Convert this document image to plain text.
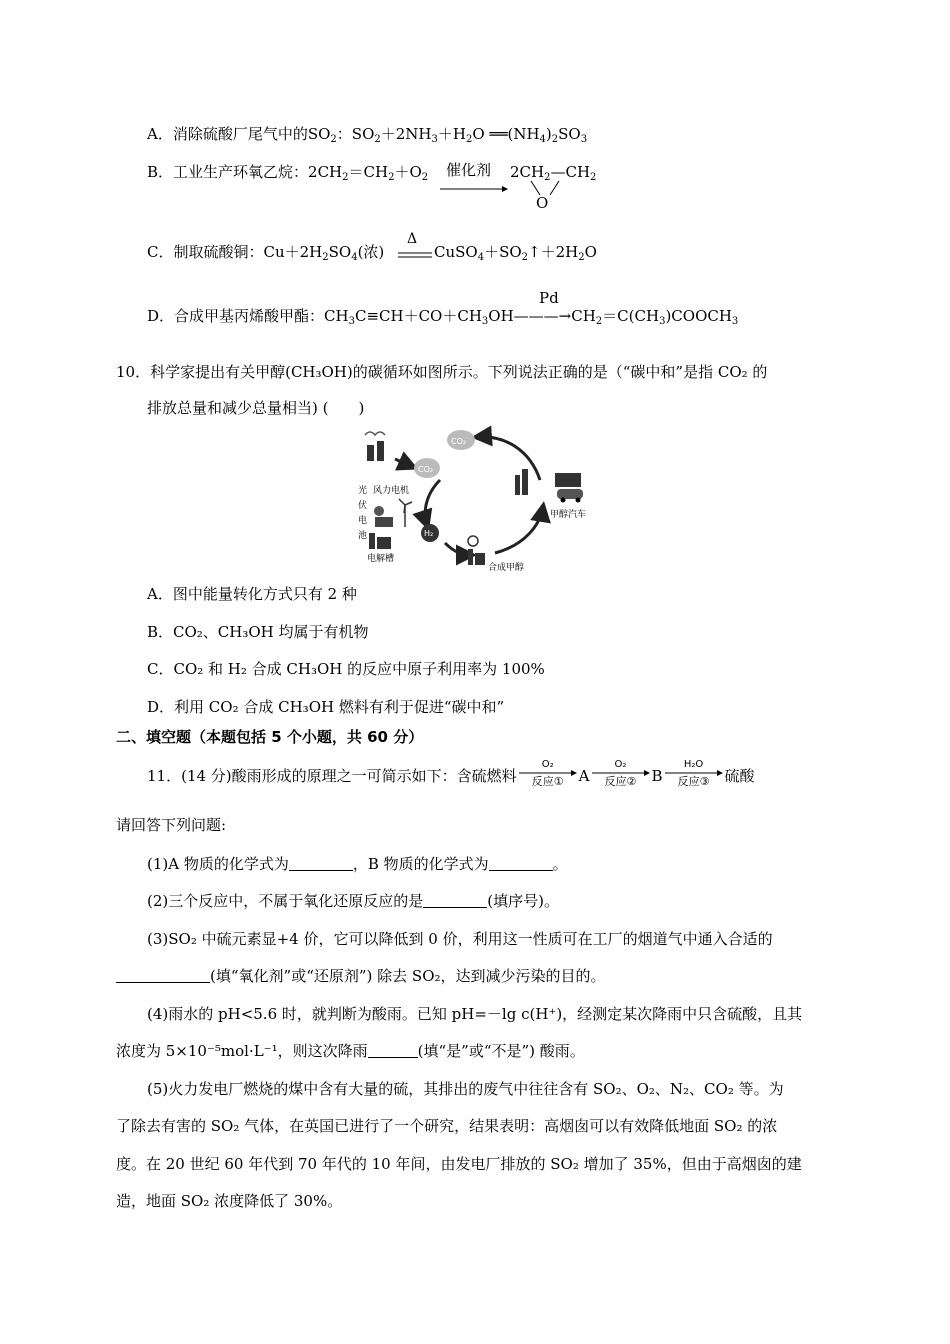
A．消除硫酸厂尾气中的$SO_2$：$SO_2+2NH_3+H_2O$ $══(NH_4)_2SO_3$
B．工业生产环氧乙烷：$2CH_2=CH_2+O_2$ 催化剂 $2CH_2—CH_2$
O
C．制取硫酸铜：$Cu+2H_2SO_4$(浓)
Δ
$CuSO_4+SO_2↑+2H_2O$
Pd
D．合成甲基丙烯酸甲酯：$CH_3C\equiv CH+CO+CH_3OH———\to CH_2=C(CH_3)COOCH_3$
10．科学家提出有关甲醇(CH₃OH)的碳循环如图所示。下列说法正确的是（“碳中和”是指 CO₂ 的
排放总量和减少总量相当) (　　)
CO₂
CO₂
甲醇汽车
风力电机
光
伏
电
池
电解槽
H₂
合成甲醇
A．图中能量转化方式只有 2 种
B．CO₂、CH₃OH 均属于有机物
C．CO₂ 和 H₂ 合成 CH₃OH 的反应中原子利用率为 100%
D．利用 CO₂ 合成 CH₃OH 燃料有利于促进“碳中和”
二、填空题（本题包括 5 个小题，共 60 分）
11．(14 分)酸雨形成的原理之一可简示如下：含硫燃料
O₂
反应①	A
O₂
反应②	B
H₂O
反应③	硫酸
请回答下列问题:
(1)A 物质的化学式为	，B 物质的化学式为	。
(2)三个反应中，不属于氧化还原反应的是	(填序号)。
(3)SO₂ 中硫元素显+4 价，它可以降低到 0 价，利用这一性质可在工厂的烟道气中通入合适的
(填“氧化剂”或“还原剂”) 除去 SO₂，达到减少污染的目的。
(4)雨水的 pH<5.6 时，就判断为酸雨。已知 pH=－lg c(H⁺)，经测定某次降雨中只含硫酸，且其
浓度为 5×10⁻⁵mol·L⁻¹，则这次降雨	(填“是”或“不是”) 酸雨。
(5)火力发电厂燃烧的煤中含有大量的硫，其排出的废气中往往含有 SO₂、O₂、N₂、CO₂ 等。为
了除去有害的 SO₂ 气体，在英国已进行了一个研究，结果表明：高烟囱可以有效降低地面 SO₂ 的浓
度。在 20 世纪 60 年代到 70 年代的 10 年间，由发电厂排放的 SO₂ 增加了 35%，但由于高烟囱的建
造，地面 SO₂ 浓度降低了 30%。
